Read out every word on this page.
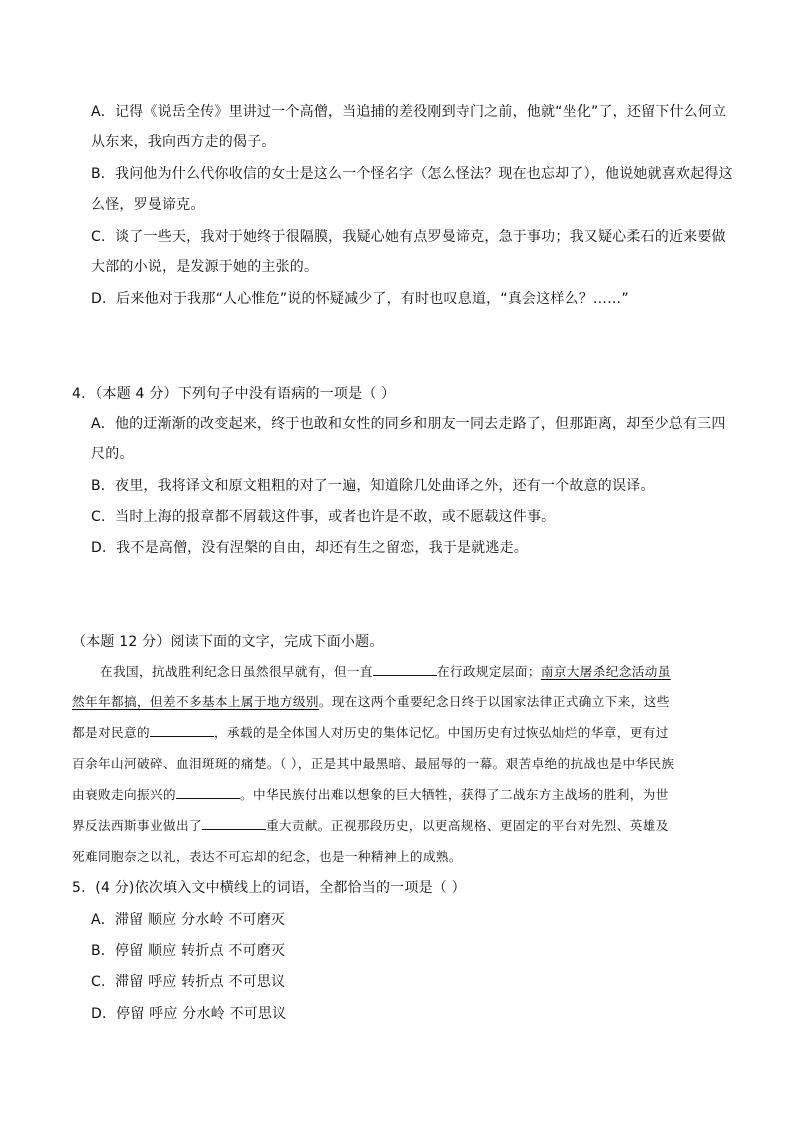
A．记得《说岳全传》里讲过一个高僧，当追捕的差役刚到寺门之前，他就“坐化”了，还留下什么何立
从东来，我向西方走的偈子。
B．我问他为什么代你收信的女士是这么一个怪名字（怎么怪法？现在也忘却了），他说她就喜欢起得这
么怪，罗曼谛克。
C．谈了一些天，我对于她终于很隔膜，我疑心她有点罗曼谛克，急于事功；我又疑心柔石的近来要做
大部的小说，是发源于她的主张的。
D．后来他对于我那“人心惟危”说的怀疑减少了，有时也叹息道，“真会这样么？……”
4．（本题 4 分）下列句子中没有语病的一项是（ ）
A．他的迂渐渐的改变起来，终于也敢和女性的同乡和朋友一同去走路了，但那距离，却至少总有三四
尺的。
B．夜里，我将译文和原文粗粗的对了一遍，知道除几处曲译之外，还有一个故意的误译。
C．当时上海的报章都不屑载这件事，或者也许是不敢，或不愿载这件事。
D．我不是高僧，没有涅槃的自由，却还有生之留恋，我于是就逃走。
（本题 12 分）阅读下面的文字，完成下面小题。
在我国，抗战胜利纪念日虽然很早就有，但一直	在行政规定层面；南京大屠杀纪念活动虽
然年年都搞，但差不多基本上属于地方级别。现在这两个重要纪念日终于以国家法律正式确立下来，这些
都是对民意的	，承载的是全体国人对历史的集体记忆。中国历史有过恢弘灿烂的华章，更有过
百余年山河破碎、血泪斑斑的痛楚。（ ），正是其中最黑暗、最屈辱的一幕。艰苦卓绝的抗战也是中华民族
由衰败走向振兴的	。中华民族付出难以想象的巨大牺牲，获得了二战东方主战场的胜利，为世
界反法西斯事业做出了	重大贡献。正视那段历史，以更高规格、更固定的平台对先烈、英雄及
死难同胞奈之以礼，表达不可忘却的纪念，也是一种精神上的成熟。
5．(4 分)依次填入文中横线上的词语，全都恰当的一项是（ ）
A．滞留 顺应 分水岭 不可磨灭
B．停留 顺应 转折点 不可磨灭
C．滞留 呼应 转折点 不可思议
D．停留 呼应 分水岭 不可思议
